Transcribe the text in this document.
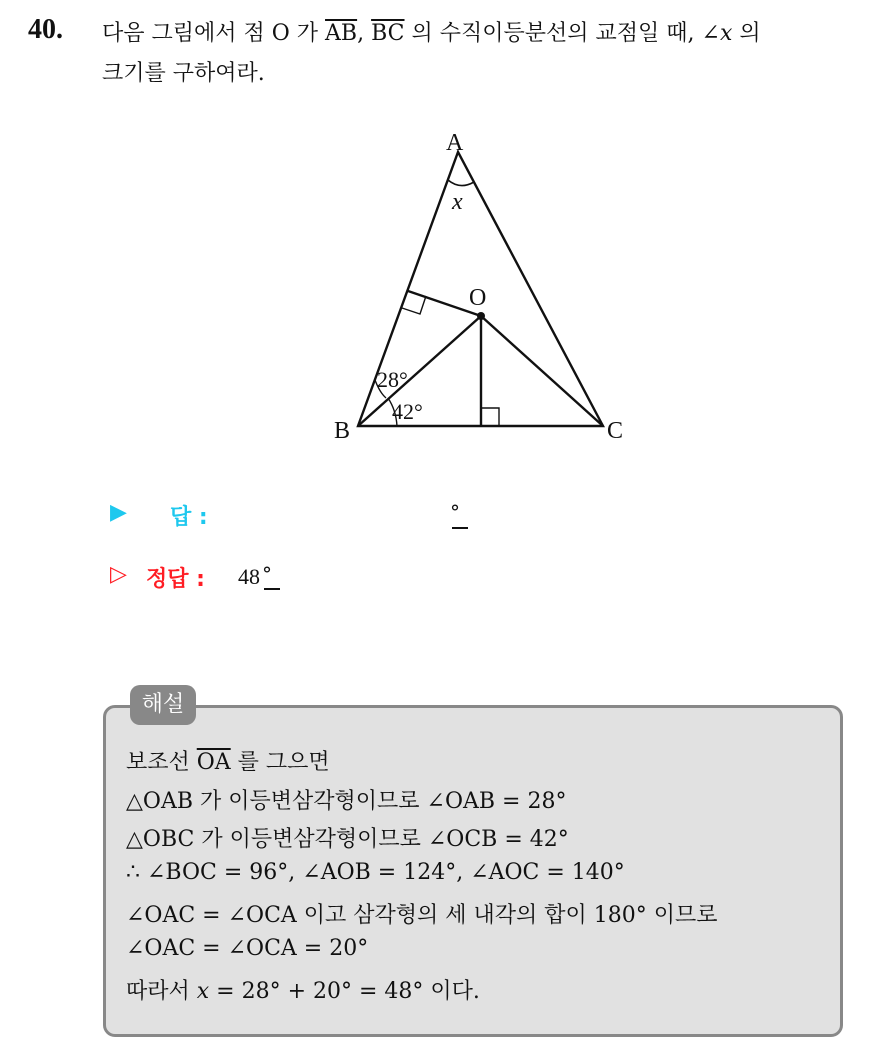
40. 다음 그림에서 점 O 가 $\overline{AB}$, $\overline{BC}$ 의 수직이등분선의 교점일 때, ∠x 의
크기를 구하여라.
A
B	C
O
x
28°
42°
▶ 답 :	°
▷ 정답 : 48 °
해설
보조선 $\overline{OA}$ 를 그으면
△OAB 가 이등변삼각형이므로 ∠OAB = 28°
△OBC 가 이등변삼각형이므로 ∠OCB = 42°
∴ ∠BOC = 96°, ∠AOB = 124°, ∠AOC = 140°
∠OAC = ∠OCA 이고 삼각형의 세 내각의 합이 180° 이므로
∠OAC = ∠OCA = 20°
따라서 x = 28° + 20° = 48° 이다.
